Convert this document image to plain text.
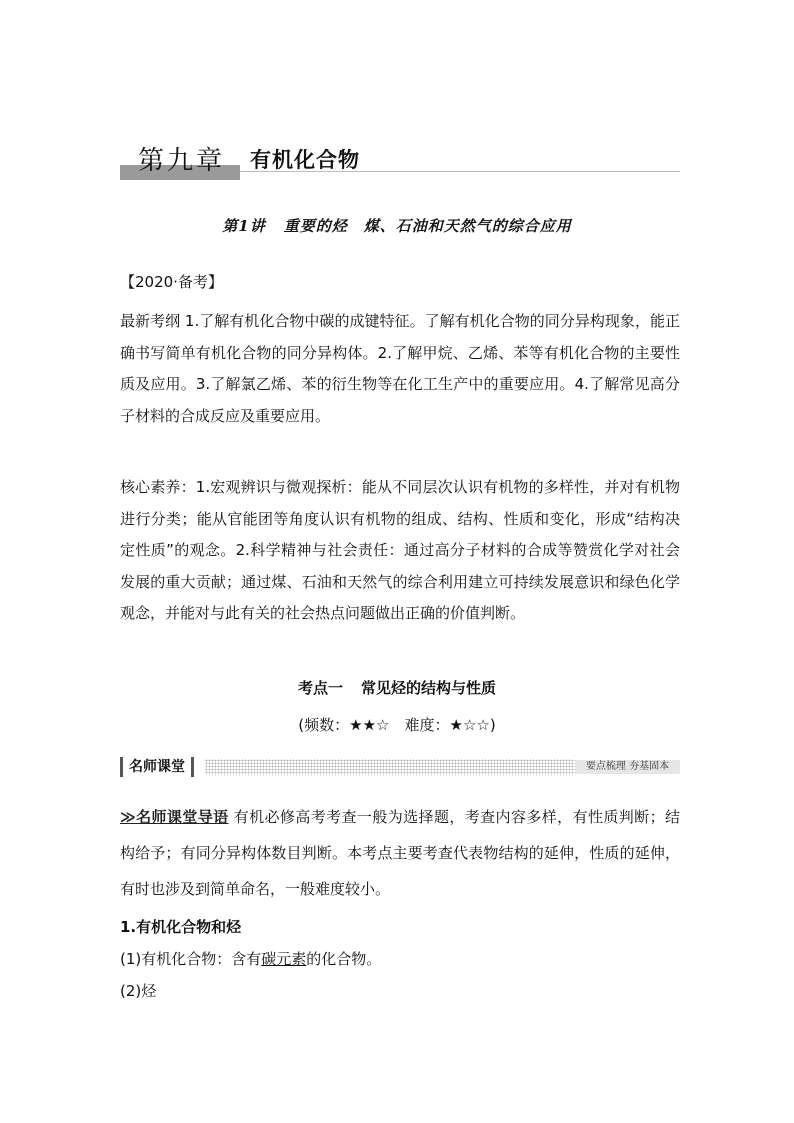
第九章 有机化合物
第1讲 重要的烃　煤、石油和天然气的综合应用
【2020·备考】
最新考纲 1.了解有机化合物中碳的成键特征。了解有机化合物的同分异构现象，能正确书写简单有机化合物的同分异构体。2.了解甲烷、乙烯、苯等有机化合物的主要性质及应用。3.了解氯乙烯、苯的衍生物等在化工生产中的重要应用。4.了解常见高分子材料的合成反应及重要应用。
核心素养：1.宏观辨识与微观探析：能从不同层次认识有机物的多样性，并对有机物进行分类；能从官能团等角度认识有机物的组成、结构、性质和变化，形成“结构决定性质”的观念。2.科学精神与社会责任：通过高分子材料的合成等赞赏化学对社会发展的重大贡献；通过煤、石油和天然气的综合利用建立可持续发展意识和绿色化学观念，并能对与此有关的社会热点问题做出正确的价值判断。
考点一 常见烃的结构与性质
(频数：★★☆　难度：★☆☆)
名师课堂	要点梳理 夯基固本
≫名师课堂导语 有机必修高考考查一般为选择题，考查内容多样，有性质判断；结构给予；有同分异构体数目判断。本考点主要考查代表物结构的延伸，性质的延伸，有时也涉及到简单命名，一般难度较小。
1.有机化合物和烃
(1)有机化合物：含有碳元素的化合物。
(2)烃
